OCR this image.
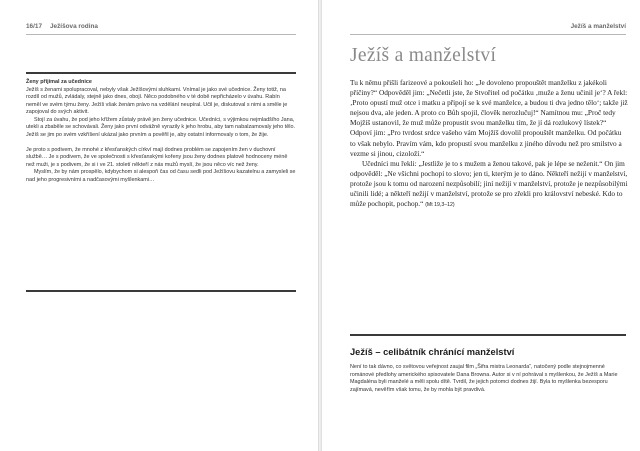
16/17 Ježíšova rodina
Ženy přijímal za učednice

Ježíš s ženami spolupracoval, nebyly však Ježíšovými sluhkami. Vnímal je jako své učednice. Ženy totiž, na rozdíl od mužů, zvládaly, stejně jako dnes, obojí. Něco podobného v té době nepřicházelo v úvahu. Rabín neměl ve svém týmu ženy. Ježíš však ženám právo na vzdělání neupíral. Učil je, diskutoval s nimi a směle je zapojoval do svých aktivit.

Stojí za úvahu, že pod jeho křížem zůstaly právě jen ženy učednice. Učedníci, s výjimkou nejmladšího Jana, utekli a zbaběle se schovávali. Ženy jako první odvážně vyrazily k jeho hrobu, aby tam nabalzamovaly jeho tělo. Ježíš se jim po svém vzkříšení ukázal jako prvním a pověřil je, aby ostatní informovaly o tom, že žije.

Je proto s podivem, že mnohé z křesťanských církví mají dodnes problém se zapojením žen v duchovní službě… Je s podivem, že ve společnosti s křesťanskými kořeny jsou ženy dodnes platově hodnoceny méně než muži, je s podivem, že si i ve 21. století někteří z nás mužů myslí, že jsou něco víc než ženy.

Myslím, že by nám prospělo, kdybychom si alespoň čas od času sedli pod Ježíšovu kazatelnu a zamysleli se nad jeho progresivními a nadčasovými myšlenkami…

Ježíš a manželství
Ježíš a manželství

Tu k němu přišli farizeové a pokoušeli ho: „Je dovoleno propouštět manželku z jakékoli příčiny?“ Odpověděl jim: „Nečetli jste, že Stvořitel od počátku ‚muže a ženu učinil je‘? A řekl: ‚Proto opustí muž otce i matku a připojí se k své manželce, a budou ti dva jedno tělo‘; takže již nejsou dva, ale jeden. A proto co Bůh spojil, člověk nerozlučuj!“ Namítnou mu: „Proč tedy Mojžíš ustanovil, že muž může propustit svou manželku tím, že jí dá rozlukový lístek?“ Odpoví jim: „Pro tvrdost srdce vašeho vám Mojžíš dovolil propouštět manželku. Od počátku to však nebylo. Pravím vám, kdo propustí svou manželku z jiného důvodu než pro smilstvo a vezme si jinou, cizoloží.“

Učedníci mu řekli: „Jestliže je to s mužem a ženou takové, pak je lépe se neženit.“ On jim odpověděl: „Ne všichni pochopí to slovo; jen ti, kterým je to dáno. Někteří nežijí v manželství, protože jsou k tomu od narození nezpůsobilí; jiní nežijí v manželství, protože je nezpůsobilými učinili lidé; a někteří nežijí v manželství, protože se pro zřekli pro království nebeské. Kdo to může pochopit, pochop.“ (Mt 19,3–12)

Ježíš – celibátník chránící manželství
Není to tak dávno, co světovou veřejnost zaujal film „Šifra mistra Leonarda“, natočený podle stejnojmenné románové předlohy amerického spisovatele Dana Browna. Autor si v ní pohrával s myšlenkou, že Ježíš a Marie Magdaléna byli manželé a měli spolu dítě. Tvrdil, že jejich potomci dodnes žijí. Byla to myšlenka bezesporu zajímavá, nevěřím však tomu, že by mohla být pravdivá.
